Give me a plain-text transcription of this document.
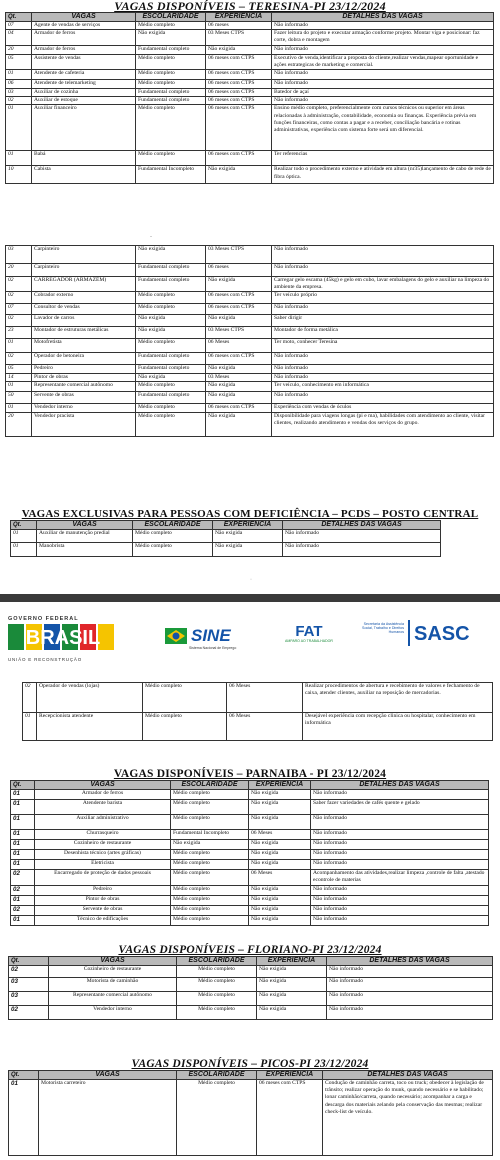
VAGAS DISPONÍVEIS – TERESINA-PI 23/12/2024
Qt.	VAGAS	ESCOLARIDADE	EXPERIÊNCIA	DETALHES DAS VAGAS
07	Agente de vendas de serviços	Médio completo	06 meses	Não informado
04	Armador de ferros	Não exigida	03 Meses CTPS	Fazer leitura do projeto e executar armação conforme projeto. Montar viga e posicionar: faz corte, dobra e montagem
20	Armador de ferros	Fundamental completo	Não exigida	Não informado
05	Assistente de vendas	Médio completo	06 meses com CTPS	Executivo de venda,identificar a proposta do cliente,realizar vendas,mapear oportunidade e ações estrategicas de marketing e comercial.
01	Atendente de cafeteria	Médio completo	06 meses com CTPS	Não informado
06	Atendente de telemarketing	Médio completo	06 meses com CTPS	Não informado
03	Auxiliar de cozinha	Fundamental completo	06 meses com CTPS	Batedor de açaí
02	Auxiliar de estoque	Fundamental completo	06 meses com CTPS	Não informado
01	Auxiliar financeiro	Médio completo	06 meses com CTPS	Ensino médio completo, preferencialmente com cursos técnicos ou superior em áreas relacionadas à administração, contabilidade, economia ou finanças. Experiência prévia em funções financeiras, como contas a pagar e a receber, conciliação bancária e rotinas administrativas, experiência com sistema forte será um diferencial.
01	Babá	Médio completo	06 meses com CTPS	Ter referencias
10	Cabista	Fundamental Incompleto	Não exigida	Realizar todo o procedimento externo e atividade em altura (nr35)lançamento de cabo de rede de fibra óptica.
-
03	Carpinteiro	Não exigida	03 Meses CTPS	Não informado
20	Carpinteiro	Fundamental completo	06 meses	Não informado
02	CARREGADOR (ARMAZÉM)	Fundamental completo	Não exigida	Carregar gelo escama (45kg) e gelo em cubo, lavar embalagens do gelo e auxiliar na limpeza do ambiente da empresa.
02	Cobrador externo	Médio completo	06 meses com CTPS	Ter veículo próprio
07	Consultor de vendas	Médio completo	06 meses com CTPS	Não informado
02	Lavador de carros	Não exigida	Não exigida	Saber dirigir
23	Montador de estruturas metálicas	Não exigida	03 Meses CTPS	Montador de forma metálica
01	Motofretista	Médio completo	06 Meses	Ter moto, conhecer Teresina
02	Operador de betoneira	Fundamental completo	06 meses com CTPS	Não informado
05	Pedreiro	Fundamental completo	Não exigida	Não informado
14	Pintor de obras	Não exigida	03 Meses	Não informado
01	Representante comercial autônomo	Médio completo	Não exigida	Ter veículo, conhecimento em informática
50	Servente de obras	Fundamental completo	Não exigida	Não informado
01	Vendedor interno	Médio completo	06 meses com CTPS	Experiência com vendas de óculos
20	Vendedor pracista	Médio completo	Não exigida	Disponibilidade para viagens longas (pi e ma), habilidades com atendimento ao cliente, visitar clientes, realizando atendimento e vendas dos serviços do grupo.
VAGAS EXCLUSIVAS PARA PESSOAS COM DEFICIÊNCIA – PCDS – POSTO CENTRAL
Qt.	VAGAS	ESCOLARIDADE	EXPERIÊNCIA	DETALHES DAS VAGAS
01	Auxiliar de manutenção predial	Médio completo	Não exigida	Não informado
01	Manobrista	Médio completo	Não exigida	Não informado
·
GOVERNO FEDERAL
BRASIL
UNIÃO E RECONSTRUÇÃO
SINE
Sistema Nacional de Emprego
FAT
AMPARO AO TRABALHADOR
Secretaria da Assistência Social, Trabalho e Direitos Humanos SASC
02	Operador de vendas (lojas)	Médio completo	06 Meses	Realizar procedimentos de abertura e recebimento de valores e fechamento de caixa, atender clientes, auxiliar na reposição de mercadorias.
01	Recepcionista atendente	Médio completo	06 Meses	Desejável experiência com recepção clinica ou hospitalar, conhecimento em informática
VAGAS DISPONÍVEIS – PARNAIBA - PI 23/12/2024
Qt.	VAGAS	ESCOLARIDADE	EXPERIÊNCIA	DETALHES DAS VAGAS
01	Armador de ferros	Médio completo	Não exigida	Não informado
01	Atendente barista	Médio completo	Não exigida	Saber fazer variedades de cafés quente e gelado
01	Auxiliar administrativo	Médio completo	Não exigida	Não informado
01	Churrasqueiro	Fundamental Incompleto	06 Meses	Não informado
01	Cozinheiro de restaurante	Não exigida	Não exigida	Não informado
01	Desenhista técnico (artes gráficas)	Médio completo	Não exigida	Não informado
01	Eletricista	Médio completo	Não exigida	Não informado
02	Encarregado de proteção de dados pessoais	Médio completo	06 Meses	Acompanhamento das atividades,realizar limpeza ,controle de falta ,atestado econtrole de materias
02	Pedreiro	Médio completo	Não exigida	Não informado
01	Pintor de obras	Médio completo	Não exigida	Não informado
02	Servente de obras	Médio completo	Não exigida	Não informado
01	Técnico de edificações	Médio completo	Não exigida	Não informado
VAGAS DISPONÍVEIS – FLORIANO-PI 23/12/2024
Qt.	VAGAS	ESCOLARIDADE	EXPERIÊNCIA	DETALHES DAS VAGAS
02	Cozinheiro de restaurante	Médio completo	Não exigida	Não informado
03	Motorista de caminhão	Médio completo	Não exigida	Não informado
03	Representante comercial autônomo	Médio completo	Não exigida	Não informado
02	Vendedor interno	Médio completo	Não exigida	Não informado
VAGAS DISPONÍVEIS – PICOS-PI 23/12/2024
Qt.	VAGAS	ESCOLARIDADE	EXPERIÊNCIA	DETALHES DAS VAGAS
01	Motorista carreteiro	Médio completo	06 meses com CTPS	Condução de caminhão carreta, toco ou truck; obedecer à legislação de trânsito; realizar operação do munk, quando necessário e se habilitado; lonar caminhão/carreta, quando necessário; acompanhar a carga e descarga dos materiais zelando pela conservação das mesmas; realizar check-list de veículo.
